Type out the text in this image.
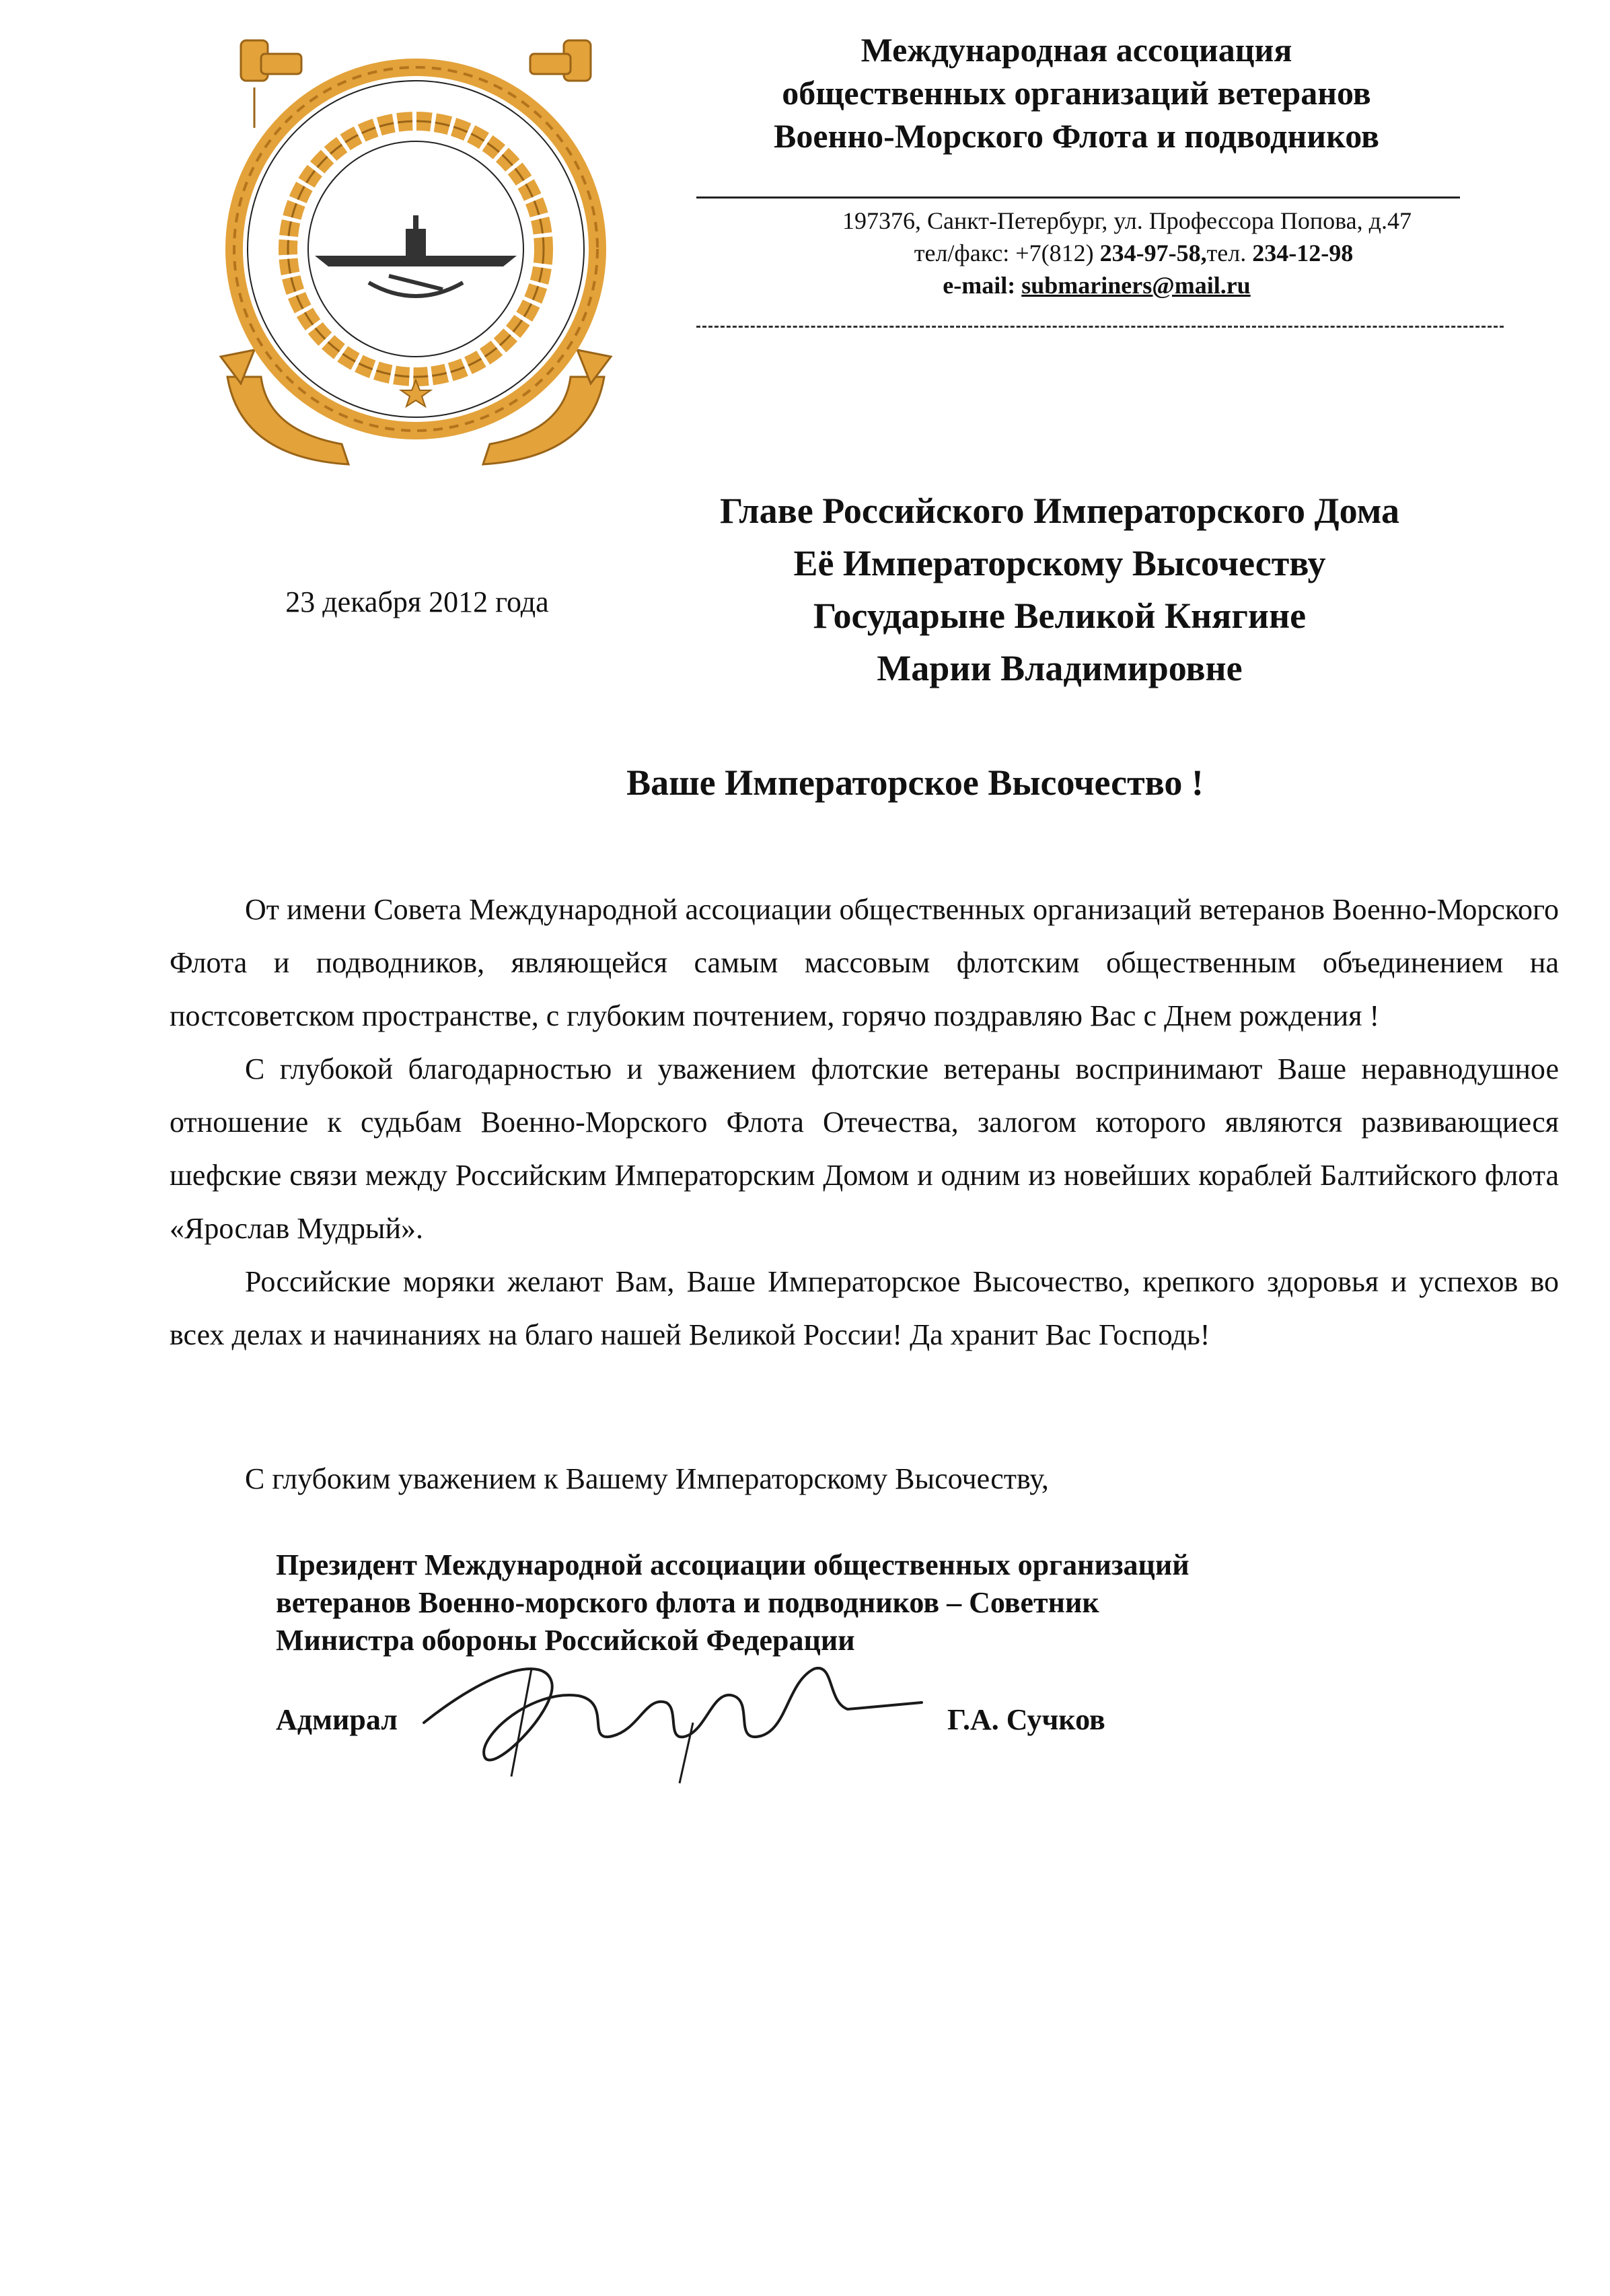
Международная ассоциация
общественных организаций ветеранов
Военно-Морского Флота и подводников
197376, Санкт-Петербург, ул. Профессора Попова, д.47
тел/факс: +7(812) 234-97-58,тел. 234-12-98
e-mail: submariners@mail.ru
Главе Российского Императорского Дома
Её Императорскому Высочеству
Государыне Великой Княгине
Марии Владимировне
23 декабря 2012 года
Ваше Императорское Высочество !

От имени Совета Международной ассоциации общественных организаций ветеранов Военно-Морского Флота и подводников, являющейся самым массовым флотским общественным объединением на постсоветском пространстве, с глубоким почтением, горячо поздравляю Вас с Днем рождения !

С глубокой благодарностью и уважением флотские ветераны воспринимают Ваше неравнодушное отношение к судьбам Военно-Морского Флота Отечества, залогом которого являются развивающиеся шефские связи между Российским Императорским Домом и одним из новейших кораблей Балтийского флота «Ярослав Мудрый».

Российские моряки желают Вам, Ваше Императорское Высочество, крепкого здоровья и успехов во всех делах и начинаниях на благо нашей Великой России! Да хранит Вас Господь!

С глубоким уважением к Вашему Императорскому Высочеству,
Президент Международной ассоциации общественных организаций
ветеранов Военно-морского флота и подводников – Советник
Министра обороны Российской Федерации
Адмирал	Г.А. Сучков
